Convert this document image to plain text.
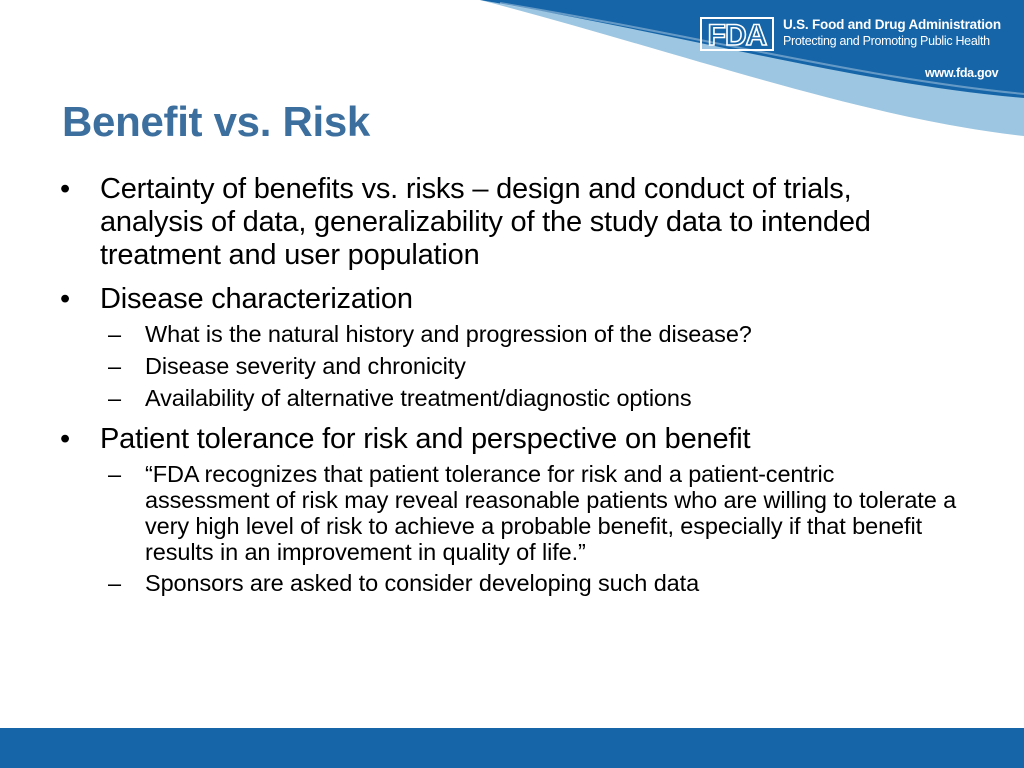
FDA U.S. Food and Drug Administration
Protecting and Promoting Public Health
www.fda.gov
Benefit vs. Risk
• Certainty of benefits vs. risks – design and conduct of trials, analysis of data, generalizability of the study data to intended treatment and user population
• Disease characterization
– What is the natural history and progression of the disease?
– Disease severity and chronicity
– Availability of alternative treatment/diagnostic options
• Patient tolerance for risk and perspective on benefit
– “FDA recognizes that patient tolerance for risk and a patient-centric assessment of risk may reveal reasonable patients who are willing to tolerate a very high level of risk to achieve a probable benefit, especially if that benefit results in an improvement in quality of life.”
– Sponsors are asked to consider developing such data
